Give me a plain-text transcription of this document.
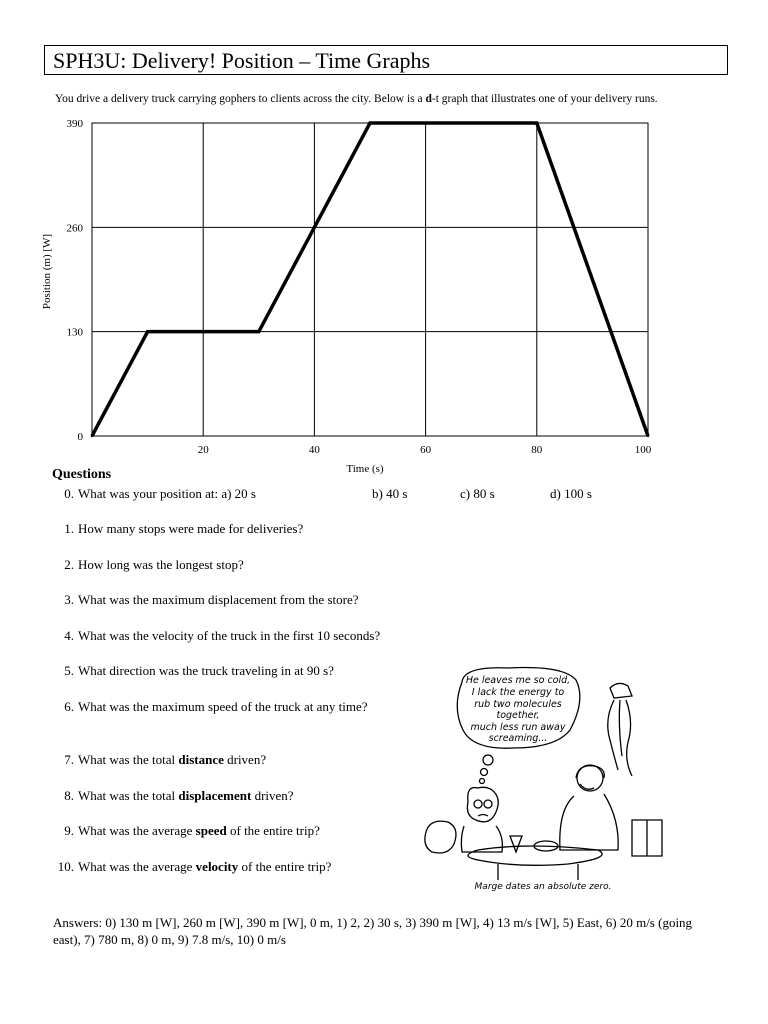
SPH3U: Delivery! Position – Time Graphs
You drive a delivery truck carrying gophers to clients across the city. Below is a d-t graph that illustrates one of your delivery runs.
20	40	60	80	100
0
130
260
390
Time (s)
Position (m) [W]
Questions
0. What was your position at: a) 20 s	b) 40 s	c) 80 s	d) 100 s
1. How many stops were made for deliveries?
2. How long was the longest stop?
3. What was the maximum displacement from the store?
4. What was the velocity of the truck in the first 10 seconds?
5. What direction was the truck traveling in at 90 s?
6. What was the maximum speed of the truck at any time?
7. What was the total distance driven?
8. What was the total displacement driven?
9. What was the average speed of the entire trip?
10. What was the average velocity of the entire trip?
He leaves me so cold,
I lack the energy to
rub two molecules
together,
much less run away
screaming...
Marge dates an absolute zero.
Answers: 0) 130 m [W], 260 m [W], 390 m [W], 0 m, 1) 2, 2) 30 s, 3) 390 m [W], 4) 13 m/s [W], 5) East, 6) 20 m/s (going east), 7) 780 m, 8) 0 m, 9) 7.8 m/s, 10) 0 m/s
